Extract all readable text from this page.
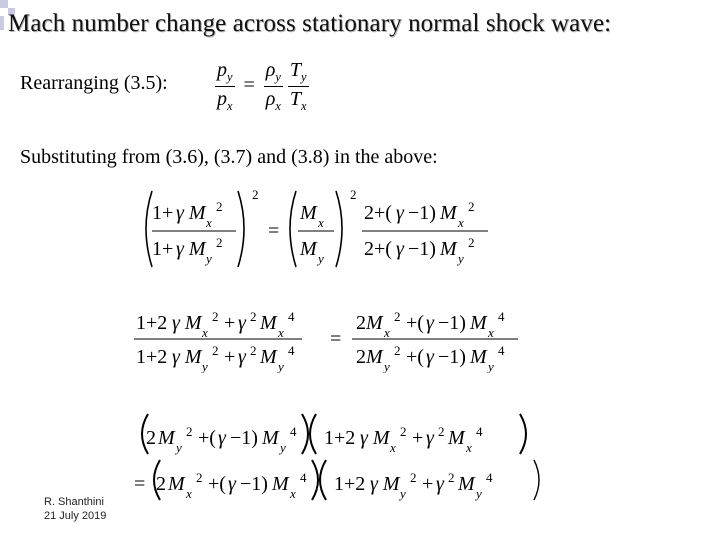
Mach number change across stationary normal shock wave:
Rearranging (3.5): $\frac{p_y}{p_x} = \frac{\rho_y}{\rho_x}$
$\frac{T_y}{T_x}$
Substituting from (3.6), (3.7) and (3.8) in the above:
1+ γ M x
2
1+ γ M y
2
2
=
M x
M y
2
2+( γ −1) M x
2
2+( γ −1) M y
2
1+2 γ M x
2 + γ 2 M x
4
1+2 γ M y
2 + γ 2 M y
4
=
2 M x
2 +( γ −1) M x
4
2 M y
2 +( γ −1) M y
4
2 M y
2 +( γ −1) M y
4 1+2 γ M x
2 + γ 2 M x
4
= 2 M x
2 +( γ −1) M x
4 1+2 γ M y
2 + γ 2 M y
4
R. Shanthini
21 July 2019
